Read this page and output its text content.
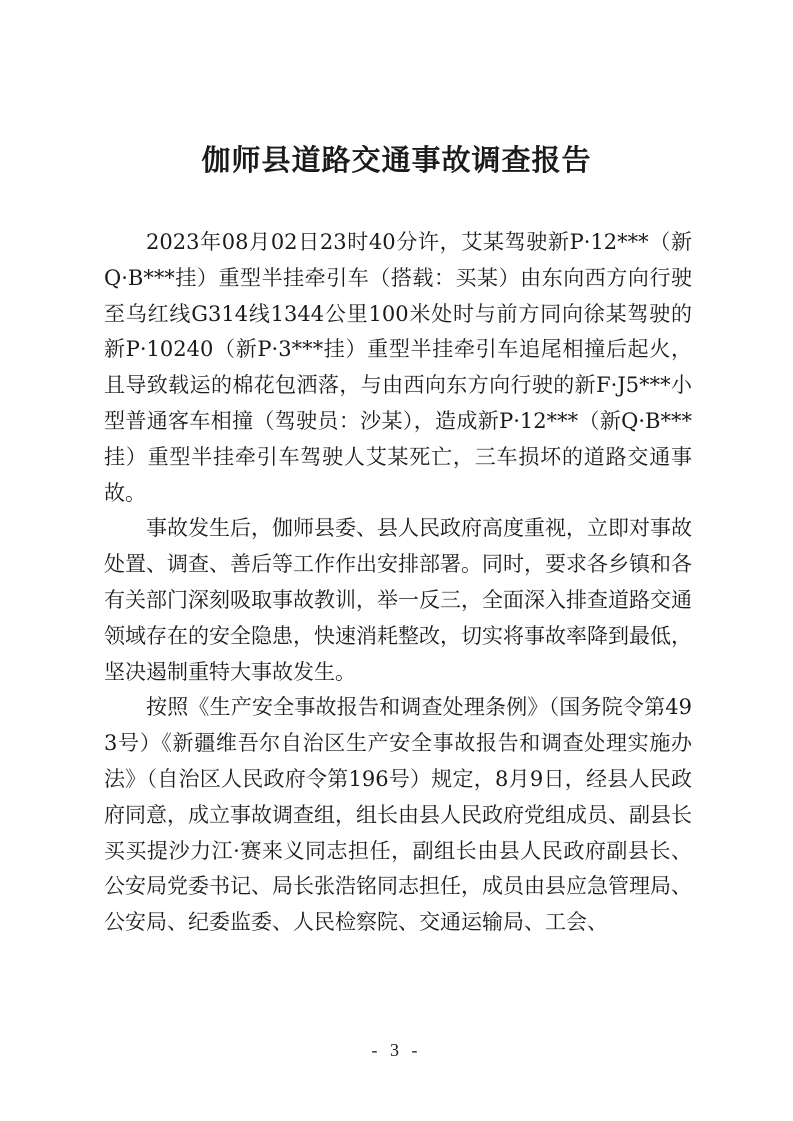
伽师县道路交通事故调查报告

2023年08月02日23时40分许，艾某驾驶新P·12***（新Q·B***挂）重型半挂牵引车（搭载：买某）由东向西方向行驶至乌红线G314线1344公里100米处时与前方同向徐某驾驶的新P·10240（新P·3***挂）重型半挂牵引车追尾相撞后起火，且导致载运的棉花包洒落，与由西向东方向行驶的新F·J5***小型普通客车相撞（驾驶员：沙某），造成新P·12***（新Q·B***挂）重型半挂牵引车驾驶人艾某死亡，三车损坏的道路交通事故。

事故发生后，伽师县委、县人民政府高度重视，立即对事故处置、调查、善后等工作作出安排部署。同时，要求各乡镇和各有关部门深刻吸取事故教训，举一反三，全面深入排查道路交通领域存在的安全隐患，快速消耗整改，切实将事故率降到最低，坚决遏制重特大事故发生。

按照《生产安全事故报告和调查处理条例》（国务院令第493号）《新疆维吾尔自治区生产安全事故报告和调查处理实施办法》（自治区人民政府令第196号）规定，8月9日，经县人民政府同意，成立事故调查组，组长由县人民政府党组成员、副县长买买提沙力江·赛来义同志担任，副组长由县人民政府副县长、公安局党委书记、局长张浩铭同志担任，成员由县应急管理局、公安局、纪委监委、人民检察院、交通运输局、工会、

- 3 -
